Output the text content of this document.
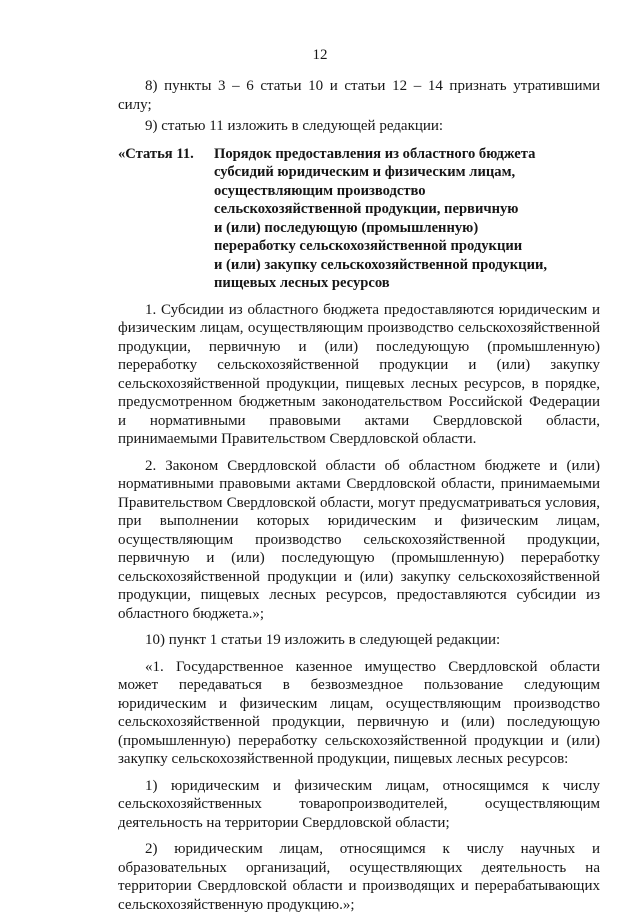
12

8) пункты 3 – 6 статьи 10 и статьи 12 – 14 признать утратившими силу;

9) статью 11 изложить в следующей редакции:

«Статья 11. Порядок предоставления из областного бюджета
субсидий юридическим и физическим лицам,
осуществляющим производство
сельскохозяйственной продукции, первичную
и (или) последующую (промышленную)
переработку сельскохозяйственной продукции
и (или) закупку сельскохозяйственной продукции,
пищевых лесных ресурсов

1. Субсидии из областного бюджета предоставляются юридическим и физическим лицам, осуществляющим производство сельскохозяйственной продукции, первичную и (или) последующую (промышленную) переработку сельскохозяйственной продукции и (или) закупку сельскохозяйственной продукции, пищевых лесных ресурсов, в порядке, предусмотренном бюджетным законодательством Российской Федерации и нормативными правовыми актами Свердловской области, принимаемыми Правительством Свердловской области.

2. Законом Свердловской области об областном бюджете и (или) нормативными правовыми актами Свердловской области, принимаемыми Правительством Свердловской области, могут предусматриваться условия, при выполнении которых юридическим и физическим лицам, осуществляющим производство сельскохозяйственной продукции, первичную и (или) последующую (промышленную) переработку сельскохозяйственной продукции и (или) закупку сельскохозяйственной продукции, пищевых лесных ресурсов, предоставляются субсидии из областного бюджета.»;

10) пункт 1 статьи 19 изложить в следующей редакции:

«1. Государственное казенное имущество Свердловской области может передаваться в безвозмездное пользование следующим юридическим и физическим лицам, осуществляющим производство сельскохозяйственной продукции, первичную и (или) последующую (промышленную) переработку сельскохозяйственной продукции и (или) закупку сельскохозяйственной продукции, пищевых лесных ресурсов:

1) юридическим и физическим лицам, относящимся к числу сельскохозяйственных товаропроизводителей, осуществляющим деятельность на территории Свердловской области;

2) юридическим лицам, относящимся к числу научных и образовательных организаций, осуществляющих деятельность на территории Свердловской области и производящих и перерабатывающих сельскохозяйственную продукцию.»;
